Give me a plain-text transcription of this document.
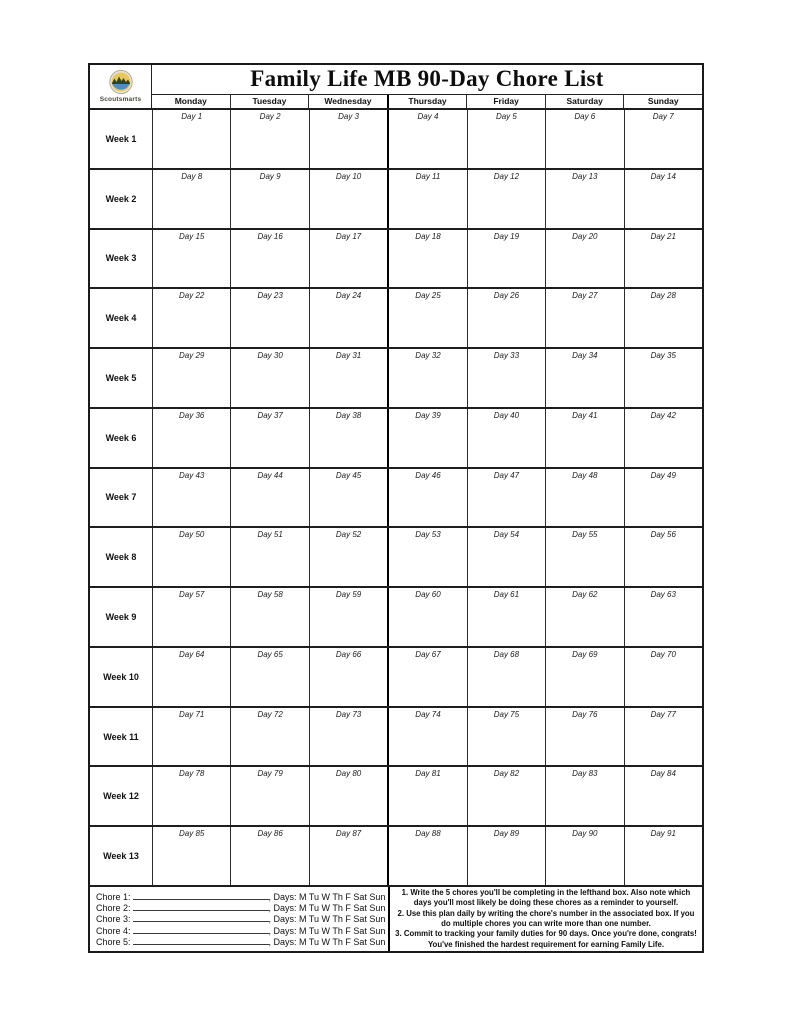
Scoutsmarts
Family Life MB 90-Day Chore List
Monday	Tuesday	Wednesday	Thursday	Friday	Saturday	Sunday
Week 1
Day 1	Day 2	Day 3	Day 4	Day 5	Day 6	Day 7
Week 2
Day 8	Day 9	Day 10	Day 11	Day 12	Day 13	Day 14
Week 3
Day 15	Day 16	Day 17	Day 18	Day 19	Day 20	Day 21
Week 4
Day 22	Day 23	Day 24	Day 25	Day 26	Day 27	Day 28
Week 5
Day 29	Day 30	Day 31	Day 32	Day 33	Day 34	Day 35
Week 6
Day 36	Day 37	Day 38	Day 39	Day 40	Day 41	Day 42
Week 7
Day 43	Day 44	Day 45	Day 46	Day 47	Day 48	Day 49
Week 8
Day 50	Day 51	Day 52	Day 53	Day 54	Day 55	Day 56
Week 9
Day 57	Day 58	Day 59	Day 60	Day 61	Day 62	Day 63
Week 10
Day 64	Day 65	Day 66	Day 67	Day 68	Day 69	Day 70
Week 11
Day 71	Day 72	Day 73	Day 74	Day 75	Day 76	Day 77
Week 12
Day 78	Day 79	Day 80	Day 81	Day 82	Day 83	Day 84
Week 13
Day 85	Day 86	Day 87	Day 88	Day 89	Day 90	Day 91
Chore 1:	, Days: M Tu W Th F Sat Sun
Chore 2:	, Days: M Tu W Th F Sat Sun
Chore 3:	, Days: M Tu W Th F Sat Sun
Chore 4:	, Days: M Tu W Th F Sat Sun
Chore 5:	, Days: M Tu W Th F Sat Sun
1. Write the 5 chores you'll be completing in the lefthand box. Also note which days you'll most likely be doing these chores as a reminder to yourself.
2. Use this plan daily by writing the chore's number in the associated box. If you do multiple chores you can write more than one number.
3. Commit to tracking your family duties for 90 days. Once you're done, congrats! You've finished the hardest requirement for earning Family Life.
